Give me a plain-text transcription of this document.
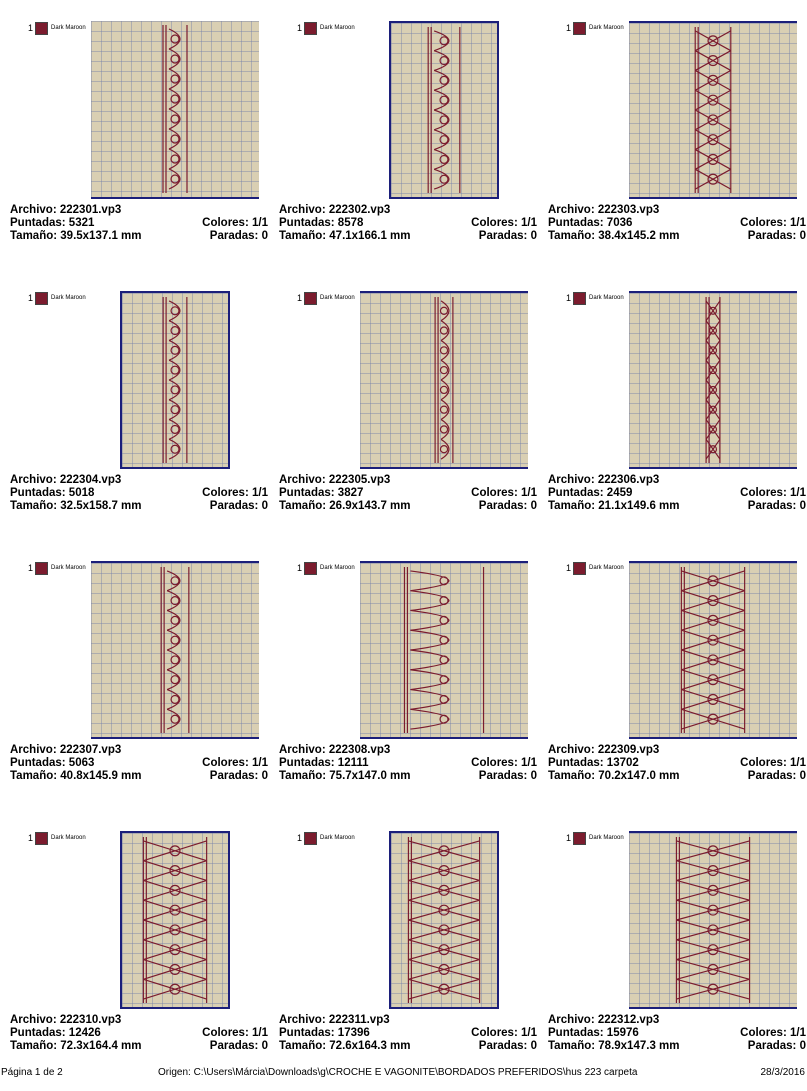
1	Dark Maroon
Archivo: 222301.vp3
Puntadas: 5321	Colores: 1/1
Tamaño: 39.5x137.1 mm	Paradas: 0
1	Dark Maroon
Archivo: 222302.vp3
Puntadas: 8578	Colores: 1/1
Tamaño: 47.1x166.1 mm	Paradas: 0
1	Dark Maroon
Archivo: 222303.vp3
Puntadas: 7036	Colores: 1/1
Tamaño: 38.4x145.2 mm	Paradas: 0
1	Dark Maroon
Archivo: 222304.vp3
Puntadas: 5018	Colores: 1/1
Tamaño: 32.5x158.7 mm	Paradas: 0
1	Dark Maroon
Archivo: 222305.vp3
Puntadas: 3827	Colores: 1/1
Tamaño: 26.9x143.7 mm	Paradas: 0
1	Dark Maroon
Archivo: 222306.vp3
Puntadas: 2459	Colores: 1/1
Tamaño: 21.1x149.6 mm	Paradas: 0
1	Dark Maroon
Archivo: 222307.vp3
Puntadas: 5063	Colores: 1/1
Tamaño: 40.8x145.9 mm	Paradas: 0
1	Dark Maroon
Archivo: 222308.vp3
Puntadas: 12111	Colores: 1/1
Tamaño: 75.7x147.0 mm	Paradas: 0
1	Dark Maroon
Archivo: 222309.vp3
Puntadas: 13702	Colores: 1/1
Tamaño: 70.2x147.0 mm	Paradas: 0
1	Dark Maroon
Archivo: 222310.vp3
Puntadas: 12426	Colores: 1/1
Tamaño: 72.3x164.4 mm	Paradas: 0
1	Dark Maroon
Archivo: 222311.vp3
Puntadas: 17396	Colores: 1/1
Tamaño: 72.6x164.3 mm	Paradas: 0
1	Dark Maroon
Archivo: 222312.vp3
Puntadas: 15976	Colores: 1/1
Tamaño: 78.9x147.3 mm	Paradas: 0
Página 1 de 2	Origen: C:\Users\Márcia\Downloads\g\CROCHE E VAGONITE\BORDADOS PREFERIDOS\hus 223 carpeta	28/3/2016
